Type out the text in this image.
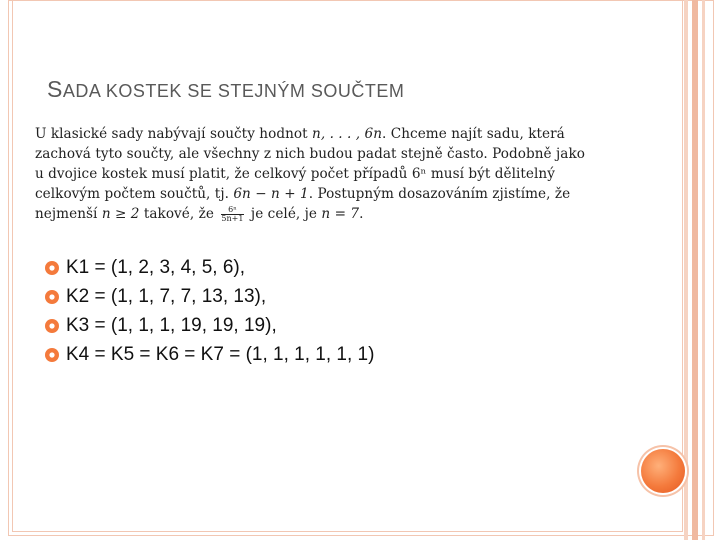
SADA KOSTEK SE STEJNÝM SOUČTEM

U klasické sady nabývají součty hodnot n, . . . , 6n. Chceme najít sadu, která

zachová tyto součty, ale všechny z nich budou padat stejně často. Podobně jako

u dvojice kostek musí platit, že celkový počet případů 6ⁿ musí být dělitelný

celkovým počtem součtů, tj. 6n − n + 1. Postupným dosazováním zjistíme, že

nejmenší n ≥ 2 takové, že $\frac{\text{6ⁿ}}{5n+1}$ je celé, je n = 7.

K1 = (1, 2, 3, 4, 5, 6),
K2 = (1, 1, 7, 7, 13, 13),
K3 = (1, 1, 1, 19, 19, 19),
K4 = K5 = K6 = K7 = (1, 1, 1, 1, 1, 1)
